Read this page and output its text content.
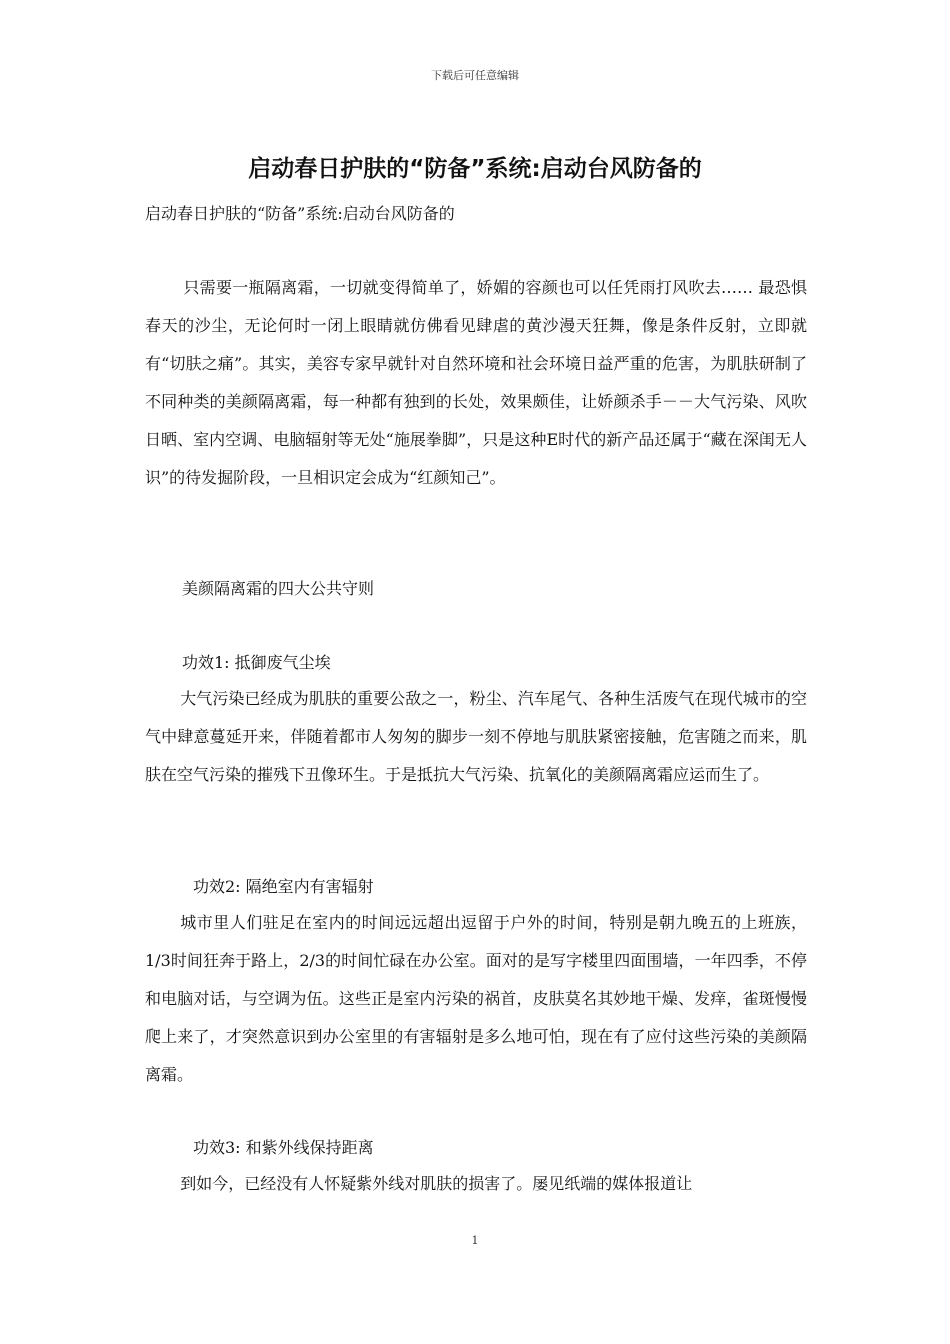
下载后可任意编辑
启动春日护肤的“防备”系统:启动台风防备的

启动春日护肤的“防备”系统:启动台风防备的

只需要一瓶隔离霜，一切就变得简单了，娇媚的容颜也可以任凭雨打风吹去…… 最恐惧春天的沙尘，无论何时一闭上眼睛就仿佛看见肆虐的黄沙漫天狂舞，像是条件反射，立即就有“切肤之痛”。其实，美容专家早就针对自然环境和社会环境日益严重的危害，为肌肤研制了不同种类的美颜隔离霜，每一种都有独到的长处，效果颇佳，让娇颜杀手－－大气污染、风吹日晒、室内空调、电脑辐射等无处“施展拳脚”，只是这种E时代的新产品还属于“藏在深闺无人识”的待发掘阶段，一旦相识定会成为“红颜知己”。

美颜隔离霜的四大公共守则

功效1: 抵御废气尘埃

大气污染已经成为肌肤的重要公敌之一，粉尘、汽车尾气、各种生活废气在现代城市的空气中肆意蔓延开来，伴随着都市人匆匆的脚步一刻不停地与肌肤紧密接触，危害随之而来，肌肤在空气污染的摧残下丑像环生。于是抵抗大气污染、抗氧化的美颜隔离霜应运而生了。

功效2: 隔绝室内有害辐射

城市里人们驻足在室内的时间远远超出逗留于户外的时间，特别是朝九晚五的上班族，1/3时间狂奔于路上，2/3的时间忙碌在办公室。面对的是写字楼里四面围墙，一年四季，不停和电脑对话，与空调为伍。这些正是室内污染的祸首，皮肤莫名其妙地干燥、发痒，雀斑慢慢爬上来了，才突然意识到办公室里的有害辐射是多么地可怕，现在有了应付这些污染的美颜隔离霜。

功效3: 和紫外线保持距离

到如今，已经没有人怀疑紫外线对肌肤的损害了。屡见纸端的媒体报道让

1
